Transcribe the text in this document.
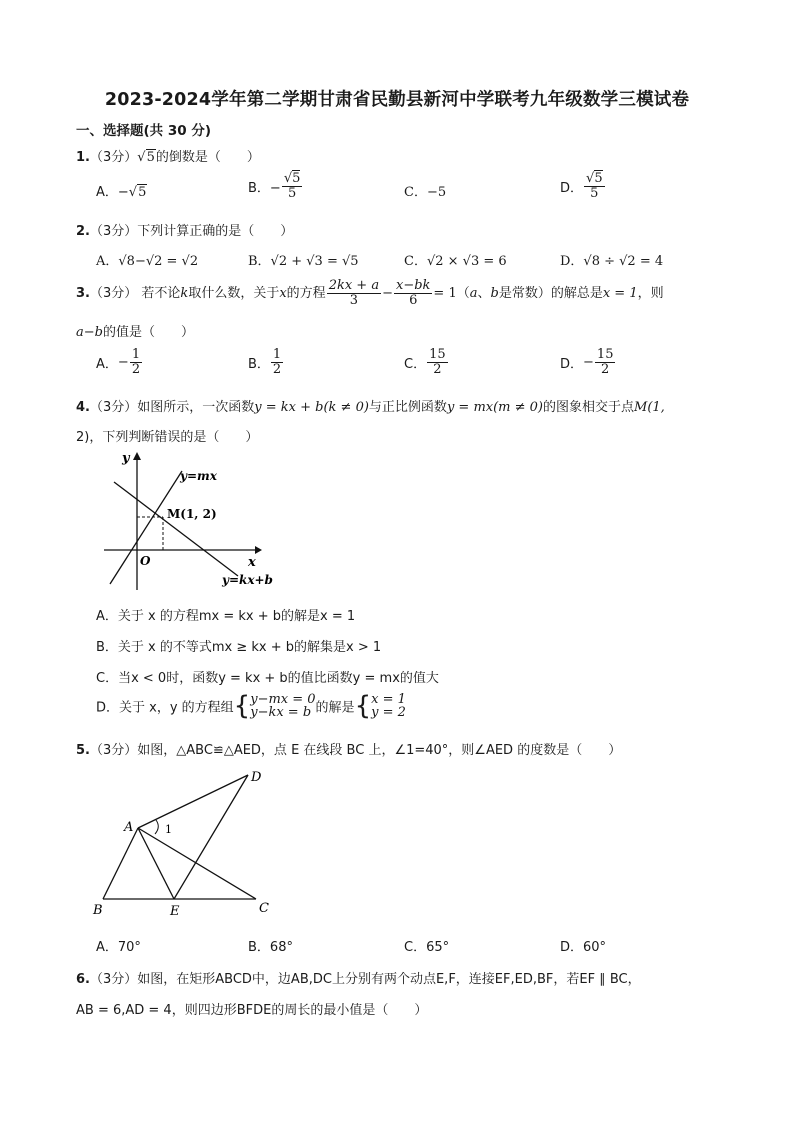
2023-2024学年第二学期甘肃省民勤县新河中学联考九年级数学三模试卷
一、选择题(共 30 分)
1.（3分）√5的倒数是（　　）
A．−√5	B．− $\frac{√5}{5}$	C．−5	D． $\frac{√5}{5}$
2.（3分）下列计算正确的是（　　）
A．√8−√2 = √2	B．√2 + √3 = √5	C．√2 × √3 = 6	D．√8 ÷ √2 = 4
3.（3分） 若不论k取什么数，关于x的方程 $\frac{2kx + a}{3} - \frac{x-bk}{6} = 1(a$、b是常数）的解总是x = 1，则
a−b的值是（　　）
A．− $\frac{1}{2}$	B． $\frac{1}{2}$	C． $\frac{15}{2}$	D．− $\frac{15}{2}$
4.（3分）如图所示，一次函数y = kx + b(k ≠ 0)与正比例函数y = mx(m ≠ 0)的图象相交于点M(1,
2)，下列判断错误的是（　　）
y
x
O
y=mx
M(1, 2)
y=kx+b
A．关于 x 的方程mx = kx + b的解是x = 1
B．关于 x 的不等式mx ≥ kx + b的解集是x > 1
C．当x < 0时，函数y = kx + b的值比函数y = mx的值大
D．关于 x，y 的方程组{ y−mx = 0
y−kx = b 的解是{ x = 1
y = 2
5.（3分）如图，△ABC≌△AED，点 E 在线段 BC 上，∠1=40°，则∠AED 的度数是（　　）
A	1
D
B	E	C
A．70°	B．68°	C．65°	D．60°
6.（3分）如图，在矩形ABCD中，边AB,DC上分别有两个动点E,F，连接EF,ED,BF，若EF ∥ BC，
AB = 6,AD = 4，则四边形BFDE的周长的最小值是（　　）
